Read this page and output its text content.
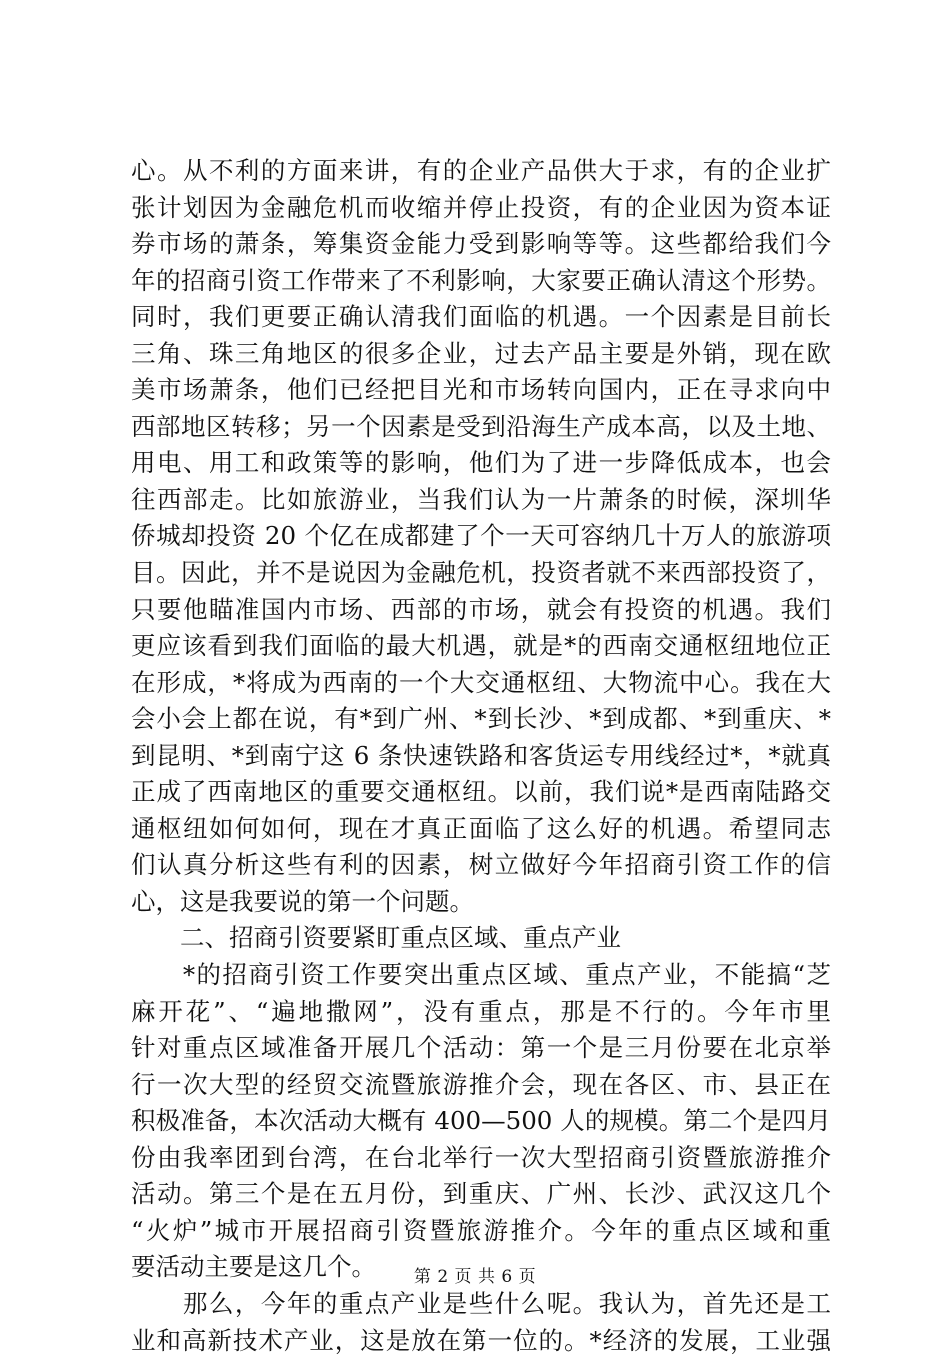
心。从不利的方面来讲，有的企业产品供大于求，有的企业扩
张计划因为金融危机而收缩并停止投资，有的企业因为资本证
券市场的萧条，筹集资金能力受到影响等等。这些都给我们今
年的招商引资工作带来了不利影响，大家要正确认清这个形势。
同时，我们更要正确认清我们面临的机遇。一个因素是目前长
三角、珠三角地区的很多企业，过去产品主要是外销，现在欧
美市场萧条，他们已经把目光和市场转向国内，正在寻求向中
西部地区转移；另一个因素是受到沿海生产成本高，以及土地、
用电、用工和政策等的影响，他们为了进一步降低成本，也会
往西部走。比如旅游业，当我们认为一片萧条的时候，深圳华
侨城却投资 20 个亿在成都建了个一天可容纳几十万人的旅游项
目。因此，并不是说因为金融危机，投资者就不来西部投资了，
只要他瞄准国内市场、西部的市场，就会有投资的机遇。我们
更应该看到我们面临的最大机遇，就是*的西南交通枢纽地位正
在形成，*将成为西南的一个大交通枢纽、大物流中心。我在大
会小会上都在说，有*到广州、*到长沙、*到成都、*到重庆、*
到昆明、*到南宁这 6 条快速铁路和客货运专用线经过*，*就真
正成了西南地区的重要交通枢纽。以前，我们说*是西南陆路交
通枢纽如何如何，现在才真正面临了这么好的机遇。希望同志
们认真分析这些有利的因素，树立做好今年招商引资工作的信
心，这是我要说的第一个问题。
　　二、招商引资要紧盯重点区域、重点产业
　　*的招商引资工作要突出重点区域、重点产业，不能搞“芝
麻开花”、“遍地撒网”，没有重点，那是不行的。今年市里
针对重点区域准备开展几个活动：第一个是三月份要在北京举
行一次大型的经贸交流暨旅游推介会，现在各区、市、县正在
积极准备，本次活动大概有 400—500 人的规模。第二个是四月
份由我率团到台湾，在台北举行一次大型招商引资暨旅游推介
活动。第三个是在五月份，到重庆、广州、长沙、武汉这几个
“火炉”城市开展招商引资暨旅游推介。今年的重点区域和重
要活动主要是这几个。
　　那么，今年的重点产业是些什么呢。我认为，首先还是工
业和高新技术产业，这是放在第一位的。*经济的发展，工业强
第 2 页 共 6 页
